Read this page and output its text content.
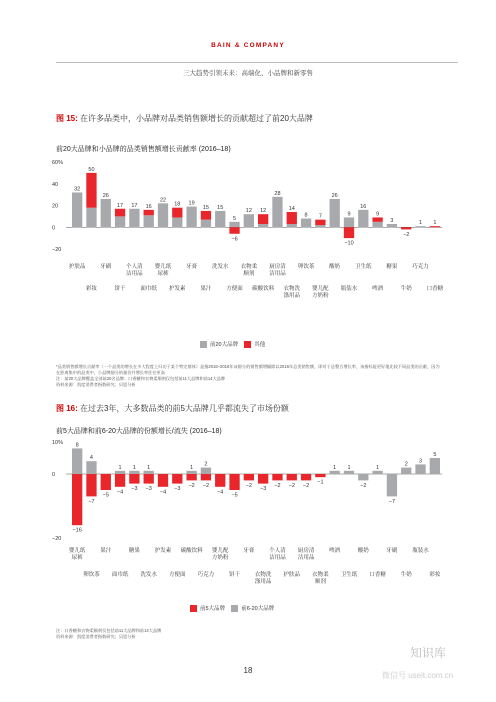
BAIN & COMPANY
三大趋势引领未来：高端化、小品牌和新零售
图 15: 在许多品类中，小品牌对品类销售额增长的贡献超过了前20大品牌
前20大品牌和小品牌的品类销售额增长贡献率 (2016–18)
60%
40
20
0
−20
32
50
26
17 17 16
22
18 19
15 15
5
−6
12 12
28
14
8 7
26
9
−10
16
9
3
−2
1 1
护肤品	牙刷	个人清
洁用品
婴儿纸
尿裤
牙膏	洗发水 衣物柔
顺剂
厨房清
洁用品
卵饮茶	酸奶	卫生纸	糖果	巧克力
彩妆	饼干	面巾纸 护发素	果汁	方便面 碳酸饮料 衣物洗
涤用品
婴儿配
方奶粉
瓶装水	啤酒	牛奶	口香糖
前20大品牌	其他
*品类销售额增长贡献率（一个品类的增长在多大程度上归功于某个特定群体）是指2016–2018年该细分的销售额增幅除以2016年总类销售额，即对于总整合增长率，该指标能更好地比较不同品类的贡献，因为在距离集中的品类中，小品牌细分的量仍并增长率往往更高
注：前20大品牌覆盖全部前20名品牌；口香糖和衣物柔顺剂仅包括前11大品牌和前14大品牌
资料来源：凯度消费者指数研究；贝恩分析
图 16: 在过去3年，大多数品类的前5大品牌几乎都流失了市场份额
前5大品牌和前6-20大品牌的份额增长/流失 (2016–18)
10%
0
−20
8
−16
4
−7
−5
1
−4
1
−3
1
−3
−4
−3
1
−2
2
−2
−4
−5
−2
−3
−2 −2 −2
−1
1 1
−2
1
−7
2
3
5
婴儿纸
尿裤
果汁	糖果	护发素 碳酸饮料 婴儿配
方奶粉
牙膏	个人清
洁用品
厨房清
洁用品
啤酒	酸奶	牙刷	瓶装水
卵饮茶 面巾纸 洗发水 方便面 巧克力	饼干	衣物洗
涤用品
护肤品 衣物柔
顺剂
卫生纸 口香糖	牛奶	彩妆
前5大品牌	前6-20大品牌
注：口香糖和衣物柔顺剂仅包括前11大品牌和前14大品牌
资料来源：凯度消费者指数研究；贝恩分析
18
知识库
微信号 useit.com.cn
